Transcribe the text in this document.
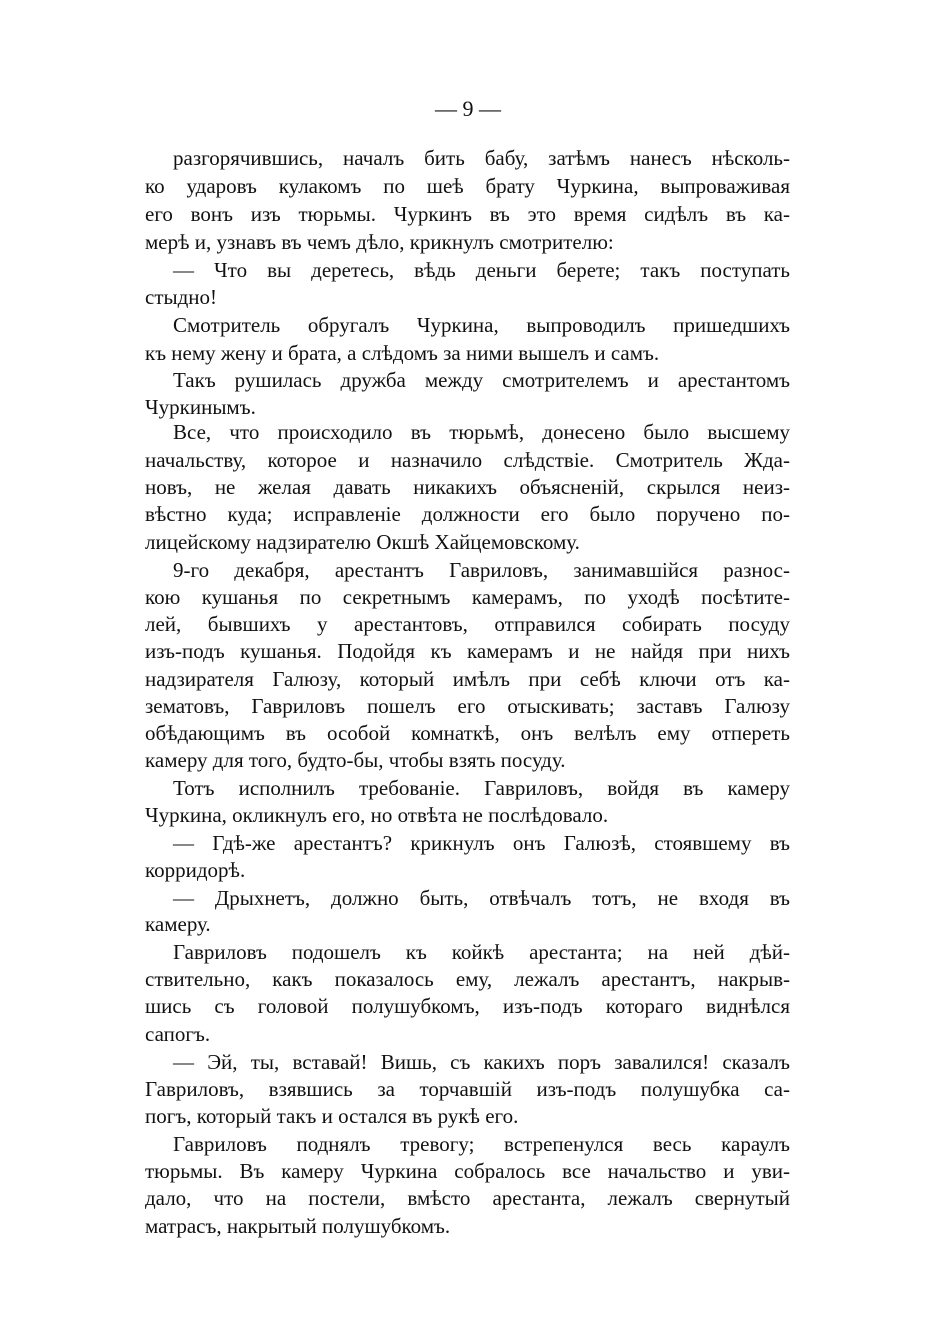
— 9 —
разгорячившись, началъ бить бабу, затѣмъ нанесъ нѣсколь-
ко ударовъ кулакомъ по шеѣ брату Чуркина, выпроваживая
его вонъ изъ тюрьмы. Чуркинъ въ это время сидѣлъ въ ка-
мерѣ и, узнавъ въ чемъ дѣло, крикнулъ смотрителю:
— Что вы деретесь, вѣдь деньги берете; такъ поступать
стыдно!
Смотритель обругалъ Чуркина, выпроводилъ пришедшихъ
къ нему жену и брата, а слѣдомъ за ними вышелъ и самъ.
Такъ рушилась дружба между смотрителемъ и арестантомъ
Чуркинымъ.
Все, что происходило въ тюрьмѣ, донесено было высшему
начальству, которое и назначило слѣдствіе. Смотритель Жда-
новъ, не желая давать никакихъ объясненій, скрылся неиз-
вѣстно куда; исправленіе должности его было поручено по-
лицейскому надзирателю Окшѣ Хайцемовскому.
9-го декабря, арестантъ Гавриловъ, занимавшійся разнос-
кою кушанья по секретнымъ камерамъ, по уходѣ посѣтите-
лей, бывшихъ у арестантовъ, отправился собирать посуду
изъ-подъ кушанья. Подойдя къ камерамъ и не найдя при нихъ
надзирателя Галюзу, который имѣлъ при себѣ ключи отъ ка-
зематовъ, Гавриловъ пошелъ его отыскивать; заставъ Галюзу
обѣдающимъ въ особой комнаткѣ, онъ велѣлъ ему отпереть
камеру для того, будто-бы, чтобы взять посуду.
Тотъ исполнилъ требованіе. Гавриловъ, войдя въ камеру
Чуркина, окликнулъ его, но отвѣта не послѣдовало.
— Гдѣ-же арестантъ? крикнулъ онъ Галюзѣ, стоявшему въ
корридорѣ.
— Дрыхнетъ, должно быть, отвѣчалъ тотъ, не входя въ
камеру.
Гавриловъ подошелъ къ койкѣ арестанта; на ней дѣй-
ствительно, какъ показалось ему, лежалъ арестантъ, накрыв-
шись съ головой полушубкомъ, изъ-подъ котораго виднѣлся
сапогъ.
— Эй, ты, вставай! Вишь, съ какихъ поръ завалился! сказалъ
Гавриловъ, взявшись за торчавшій изъ-подъ полушубка са-
погъ, который такъ и остался въ рукѣ его.
Гавриловъ поднялъ тревогу; встрепенулся весь караулъ
тюрьмы. Въ камеру Чуркина собралось все начальство и уви-
дало, что на постели, вмѣсто арестанта, лежалъ свернутый
матрасъ, накрытый полушубкомъ.
